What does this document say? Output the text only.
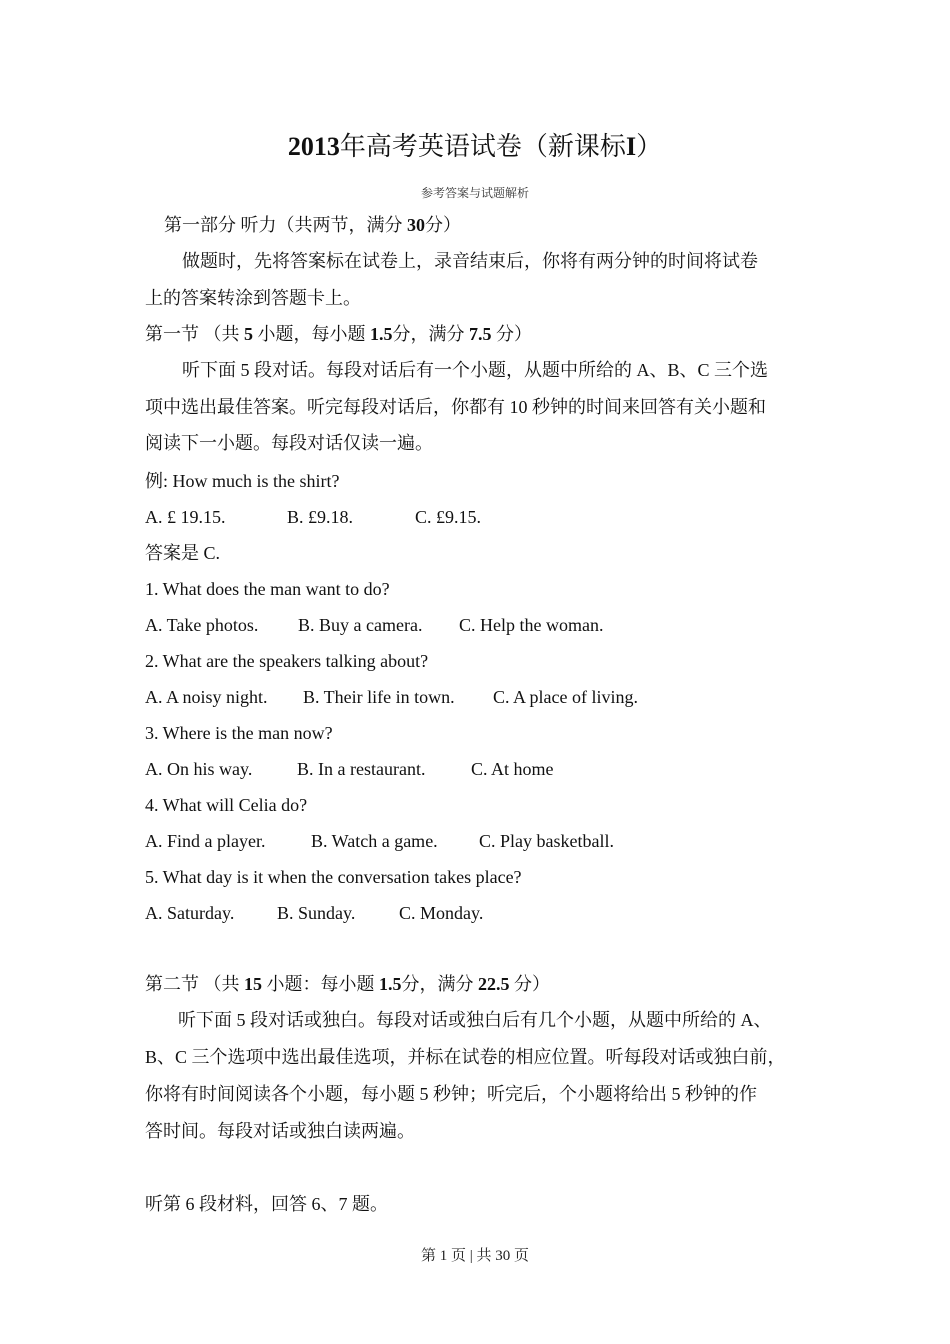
2013年高考英语试卷（新课标I）
参考答案与试题解析
第一部分 听力（共两节，满分 30分）
做题时，先将答案标在试卷上，录音结束后，你将有两分钟的时间将试卷
上的答案转涂到答题卡上。
第一节 （共 5 小题，每小题 1.5分，满分 7.5 分）
听下面 5 段对话。每段对话后有一个小题，从题中所给的 A、B、C 三个选
项中选出最佳答案。听完每段对话后，你都有 10 秒钟的时间来回答有关小题和
阅读下一小题。每段对话仅读一遍。
例: How much is the shirt?
A. £ 19.15.	B. £9.18.	C. £9.15.
答案是 C.
1. What does the man want to do?
A. Take photos. B. Buy a camera. C. Help the woman.
2. What are the speakers talking about?
A. A noisy night. B. Their life in town. C. A place of living.
3. Where is the man now?
A. On his way. B. In a restaurant.	C. At home
4. What will Celia do?
A. Find a player.	B. Watch a game. C. Play basketball.
5. What day is it when the conversation takes place?
A. Saturday. B. Sunday. C. Monday.
第二节 （共 15 小题：每小题 1.5分，满分 22.5 分）
听下面 5 段对话或独白。每段对话或独白后有几个小题，从题中所给的 A、
B、C 三个选项中选出最佳选项，并标在试卷的相应位置。听每段对话或独白前，
你将有时间阅读各个小题，每小题 5 秒钟；听完后，个小题将给出 5 秒钟的作
答时间。每段对话或独白读两遍。
听第 6 段材料，回答 6、7 题。
第 1 页 | 共 30 页
